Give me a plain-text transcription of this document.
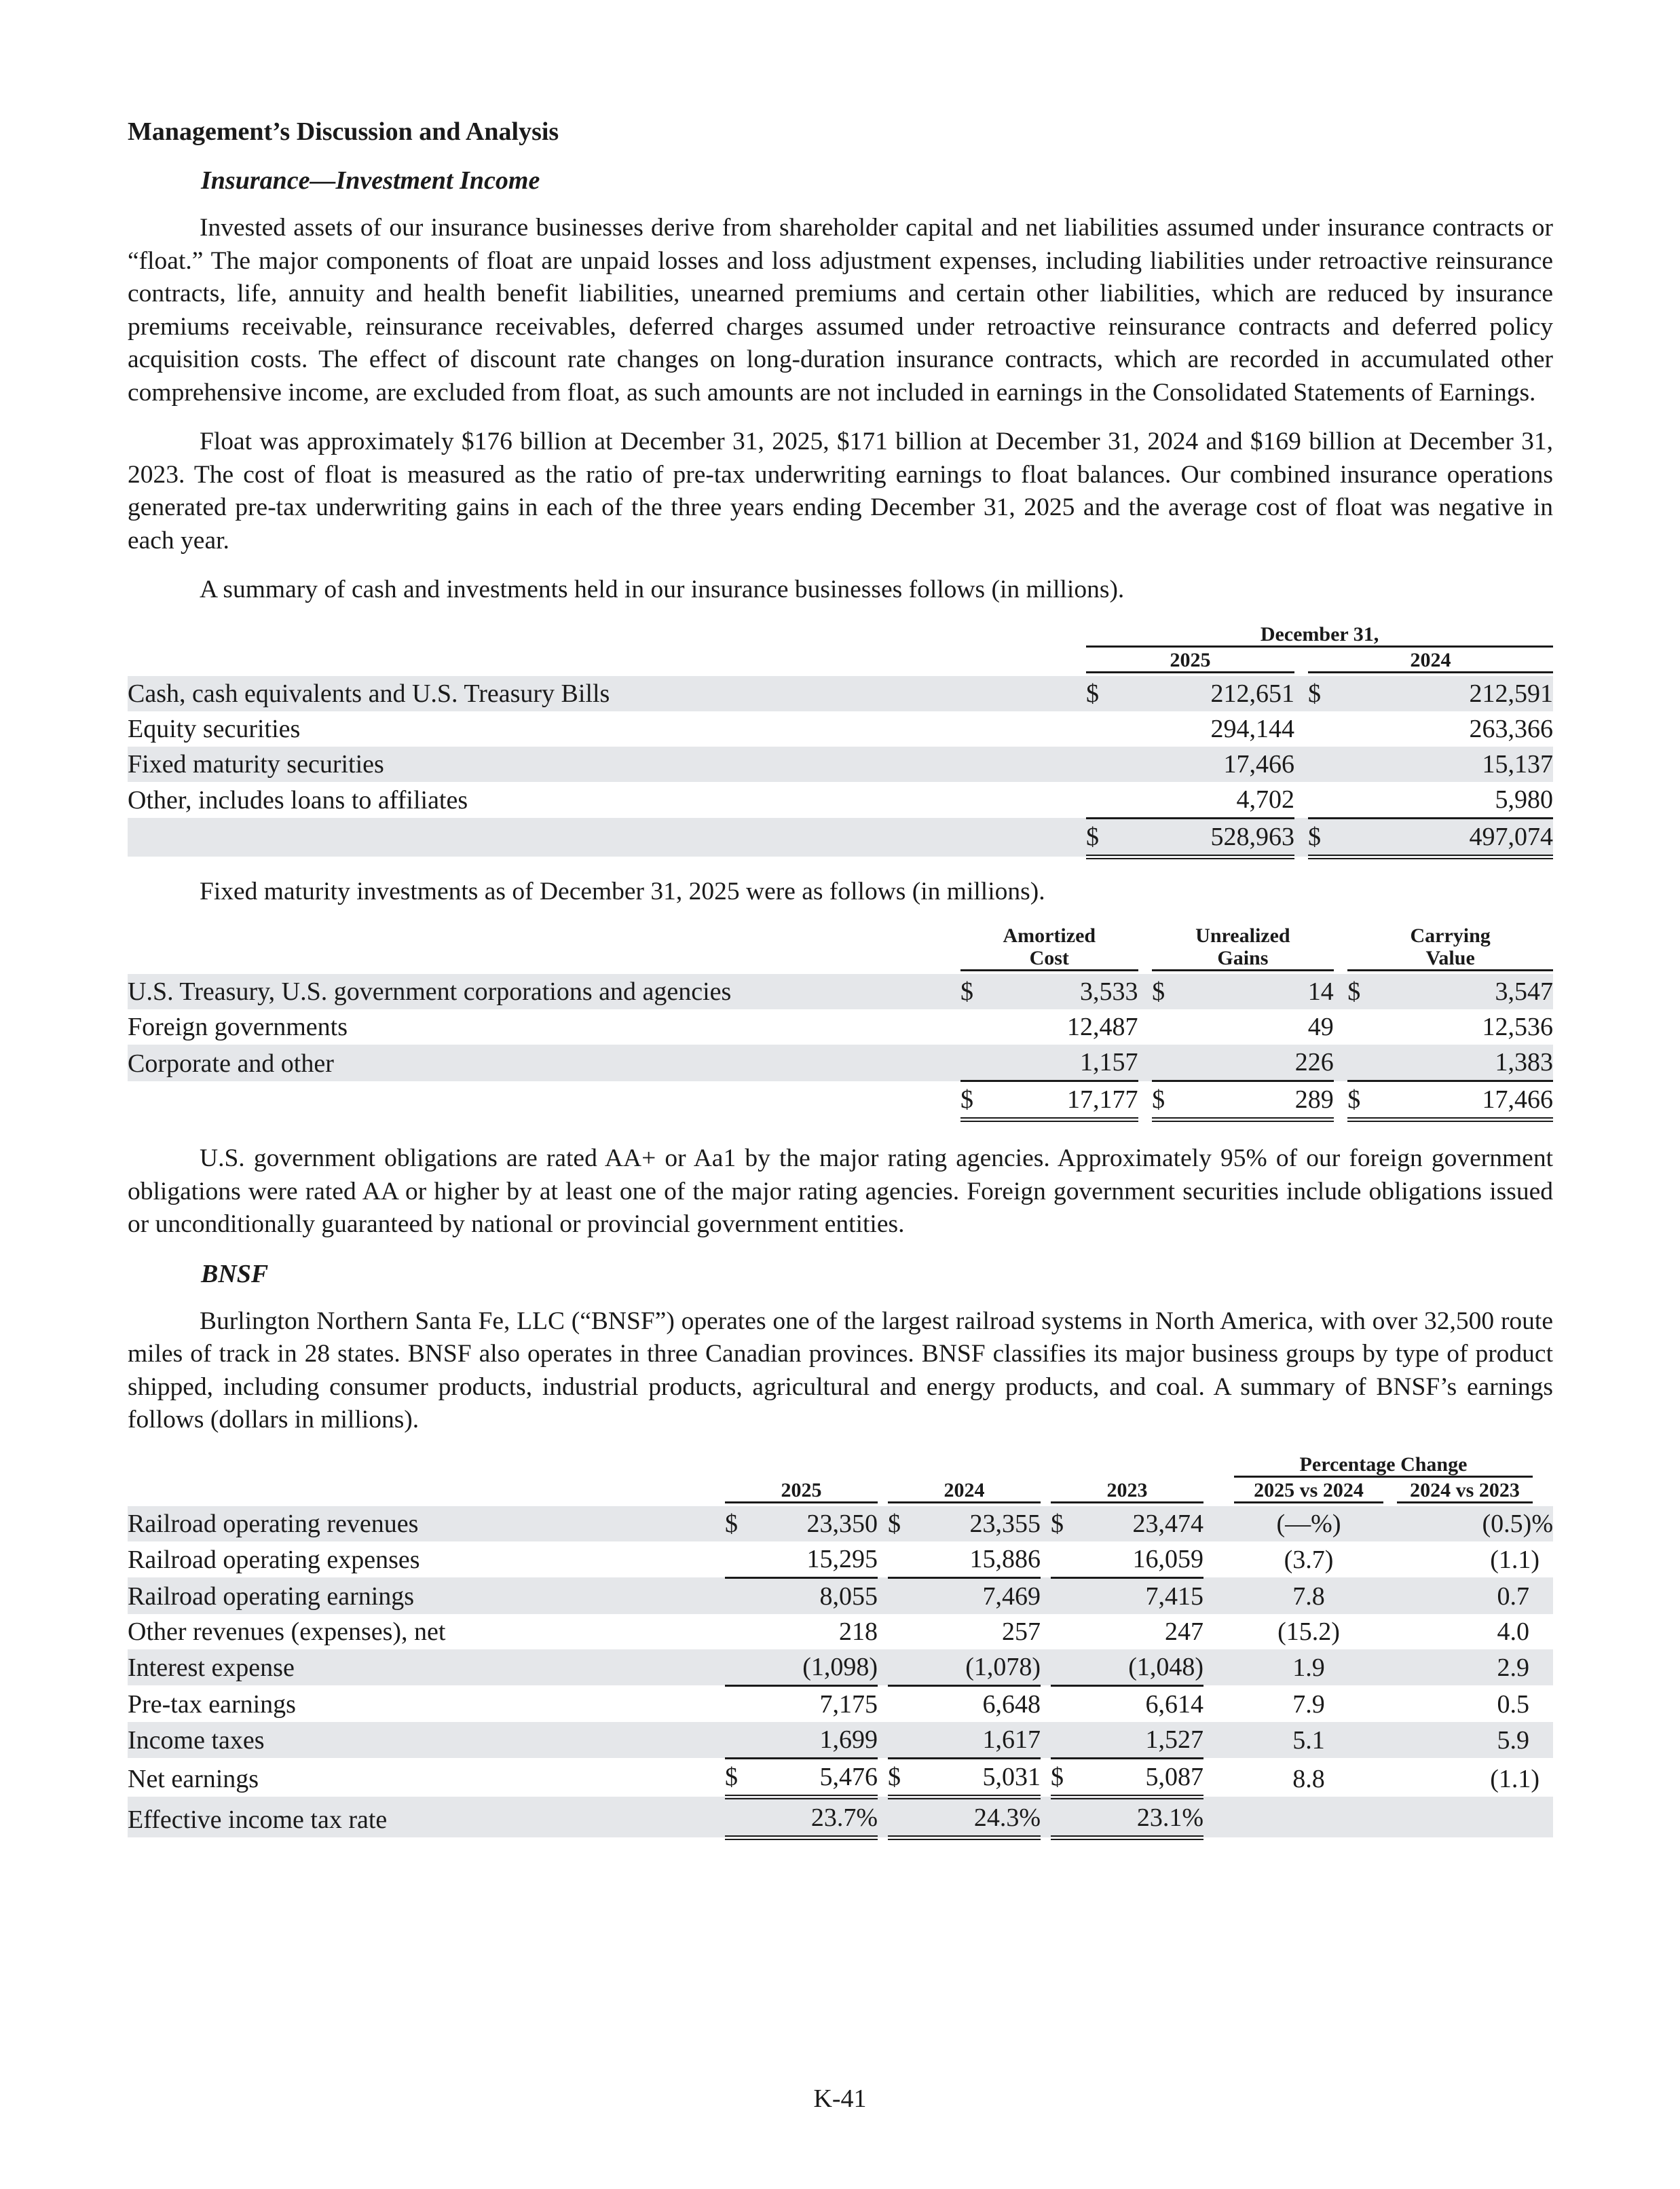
Management’s Discussion and Analysis
Insurance—Investment Income

Invested assets of our insurance businesses derive from shareholder capital and net liabilities assumed under insurance contracts or “float.” The major components of float are unpaid losses and loss adjustment expenses, including liabilities under retroactive reinsurance contracts, life, annuity and health benefit liabilities, unearned premiums and certain other liabilities, which are reduced by insurance premiums receivable, reinsurance receivables, deferred charges assumed under retroactive reinsurance contracts and deferred policy acquisition costs. The effect of discount rate changes on long-duration insurance contracts, which are recorded in accumulated other comprehensive income, are excluded from float, as such amounts are not included in earnings in the Consolidated Statements of Earnings.

Float was approximately $176 billion at December 31, 2025, $171 billion at December 31, 2024 and $169 billion at December 31, 2023. The cost of float is measured as the ratio of pre-tax underwriting earnings to float balances. Our combined insurance operations generated pre-tax underwriting gains in each of the three years ending December 31, 2025 and the average cost of float was negative in each year.

A summary of cash and investments held in our insurance businesses follows (in millions).

	December 31,				

	2025			2024	

Cash, cash equivalents and U.S. Treasury Bills	$	212,651		$	212,591
Equity securities		294,144			263,366
Fixed maturity securities		17,466			15,137
Other, includes loans to affiliates		4,702			5,980
	$	528,963		$	497,074

Fixed maturity investments as of December 31, 2025 were as follows (in millions).

	Amortized			Unrealized			Carrying	

	Cost			Gains			Value	

U.S. Treasury, U.S. government corporations and agencies	$	3,533		$	14		$	3,547
Foreign governments		12,487			49			12,536
Corporate and other		1,157			226			1,383
	$	17,177		$	289		$	17,466

U.S. government obligations are rated AA+ or Aa1 by the major rating agencies. Approximately 95% of our foreign government obligations were rated AA or higher by at least one of the major rating agencies. Foreign government securities include obligations issued or unconditionally guaranteed by national or provincial government entities.

BNSF

Burlington Northern Santa Fe, LLC (“BNSF”) operates one of the largest railroad systems in North America, with over 32,500 route miles of track in 28 states. BNSF also operates in three Canadian provinces. BNSF classifies its major business groups by type of product shipped, including consumer products, industrial products, agricultural and energy products, and coal. A summary of BNSF’s earnings follows (dollars in millions).

										Percentage Change	

	2025			2024			2023			2025 vs 2024	2024 vs 2023

Railroad operating revenues	$	23,350		$	23,355		$	23,474		(—%)	(0.5)%
Railroad operating expenses		15,295			15,886			16,059		(3.7)	(1.1)
Railroad operating earnings		8,055			7,469			7,415		7.8	0.7
Other revenues (expenses), net		218			257			247		(15.2)	4.0
Interest expense		(1,098)			(1,078)			(1,048)		1.9	2.9
Pre-tax earnings		7,175			6,648			6,614		7.9	0.5
Income taxes		1,699			1,617			1,527		5.1	5.9
Net earnings	$	5,476		$	5,031		$	5,087		8.8	(1.1)
Effective income tax rate		23.7%			24.3%			23.1%			
K-41
